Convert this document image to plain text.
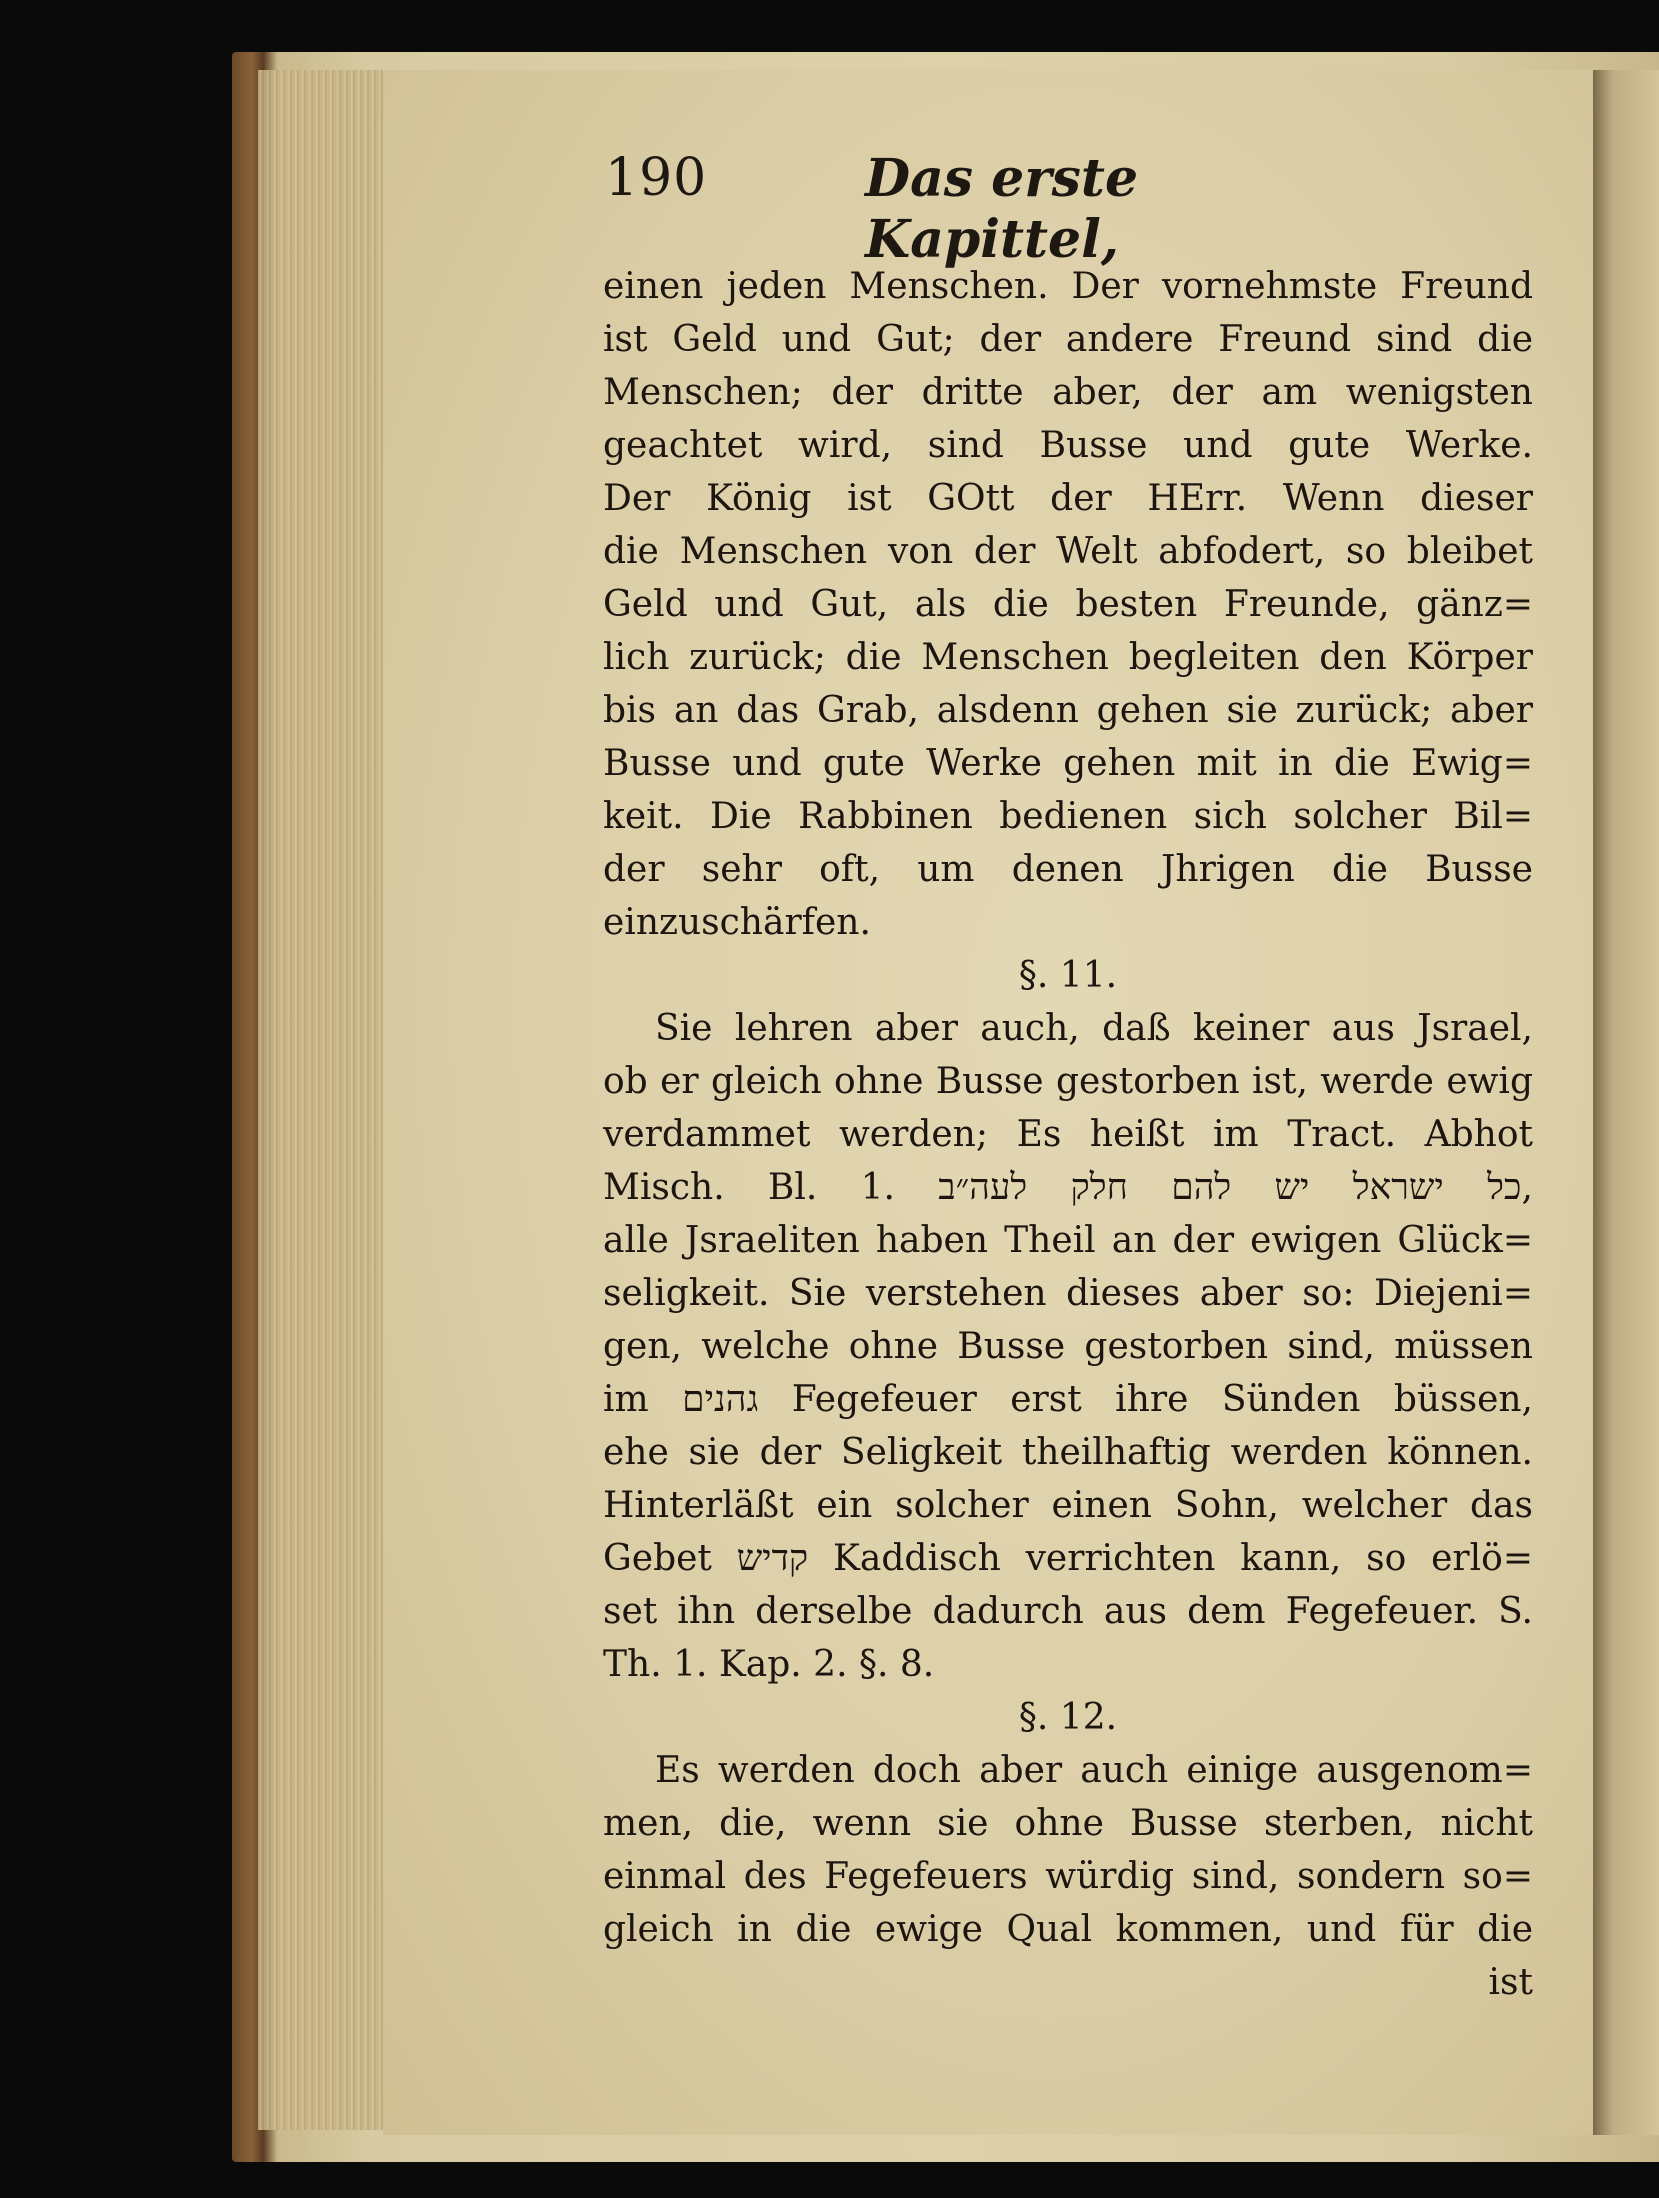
190	Das erste Kapittel,
einen jeden Menschen. Der vornehmste Freund
ist Geld und Gut; der andere Freund sind die
Menschen; der dritte aber, der am wenigsten
geachtet wird, sind Busse und gute Werke.
Der König ist GOtt der HErr. Wenn dieser
die Menschen von der Welt abfodert, so bleibet
Geld und Gut, als die besten Freunde, gänz=
lich zurück; die Menschen begleiten den Körper
bis an das Grab, alsdenn gehen sie zurück; aber
Busse und gute Werke gehen mit in die Ewig=
keit. Die Rabbinen bedienen sich solcher Bil=
der sehr oft, um denen Jhrigen die Busse
einzuschärfen.
§. 11.
Sie lehren aber auch, daß keiner aus Jsrael,
ob er gleich ohne Busse gestorben ist, werde ewig
verdammet werden; Es heißt im Tract. Abhot
Misch. Bl. 1. כל ישראל יש להם חלק לעה״ב,
alle Jsraeliten haben Theil an der ewigen Glück=
seligkeit. Sie verstehen dieses aber so: Diejeni=
gen, welche ohne Busse gestorben sind, müssen
im גהנים Fegefeuer erst ihre Sünden büssen,
ehe sie der Seligkeit theilhaftig werden können.
Hinterläßt ein solcher einen Sohn, welcher das
Gebet קדיש Kaddisch verrichten kann, so erlö=
set ihn derselbe dadurch aus dem Fegefeuer. S.
Th. 1. Kap. 2. §. 8.
§. 12.
Es werden doch aber auch einige ausgenom=
men, die, wenn sie ohne Busse sterben, nicht
einmal des Fegefeuers würdig sind, sondern so=
gleich in die ewige Qual kommen, und für die
ist
